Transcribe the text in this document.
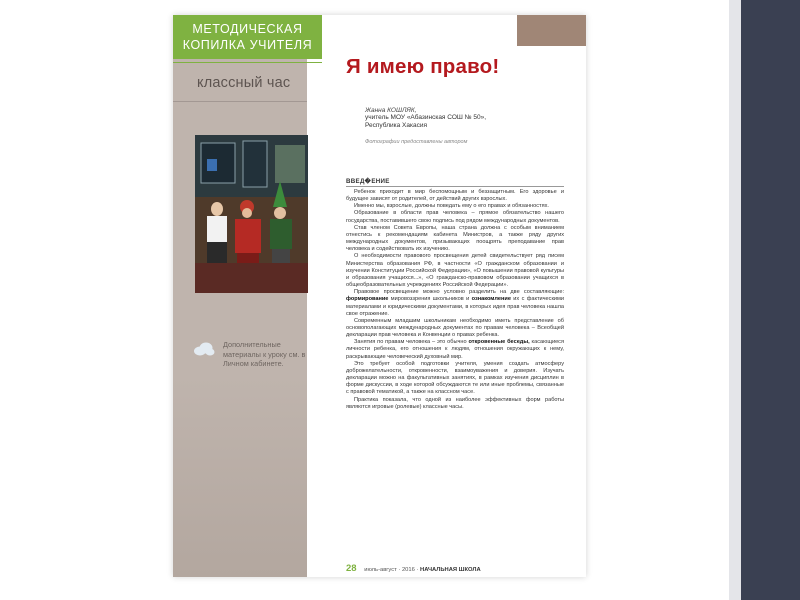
МЕТОДИЧЕСКАЯ
КОПИЛКА УЧИТЕЛЯ
классный час
Дополнительные материалы к уроку см. в Личном кабинете.
Я имею право!
Жанна КОШЛЯК,
учитель МОУ «Абазинская СОШ № 50»,
Республика Хакасия
Фотографии предоставлены автором
ВВЕД�ЕНИЕ

Ребенок приходит в мир беспомощным и беззащитным. Его здоровье и будущее зависят от родителей, от действий других взрослых.

Именно мы, взрослые, должны поведать ему о его правах и обязанностях.

Образование в области прав человека – прямое обязательство нашего государства, поставившего свою подпись под рядом международных документов.

Став членом Совета Европы, наша страна должна с особым вниманием отнестись к рекомендациям кабинета Министров, а также ряду других международных документов, призывающих поощрять преподавание прав человека и содействовать их изучению.

О необходимости правового просвещения детей свидетельствует ряд писем Министерства образования РФ, в частности «О гражданском образовании и изучении Конституции Российской Федерации», «О повышении правовой культуры и образования учащихся...», «О гражданско-правовом образовании учащихся в общеобразовательных учреждениях Российской Федерации».

Правовое просвещение можно условно разделить на две составляющие: формирование мировоззрения школьников и ознакомление их с фактическими материалами и юридическими документами, в которых идея прав человека нашла свое отражение.

Современным младшим школьникам необходимо иметь представление об основополагающих международных документах по правам человека – Всеобщей декларации прав человека и Конвенции о правах ребенка.

Занятия по правам человека – это обычно откровенные беседы, касающиеся личности ребенка, его отношения к людям, отношения окружающих к нему, раскрывающие человеческий духовный мир.

Это требует особой подготовки учителя, умения создать атмосферу доброжелательности, откровенности, взаимоуважения и доверия. Изучать декларации можно на факультативных занятиях, в рамках изучения дисциплин в форме дискуссии, в ходе которой обсуждаются те или иные проблемы, связанные с правовой тематикой, а также на классном часе.

Практика показала, что одной из наиболее эффективных форм работы являются игровые (ролевые) классные часы.

28 июль-август · 2016 · НАЧАЛЬНАЯ ШКОЛА
